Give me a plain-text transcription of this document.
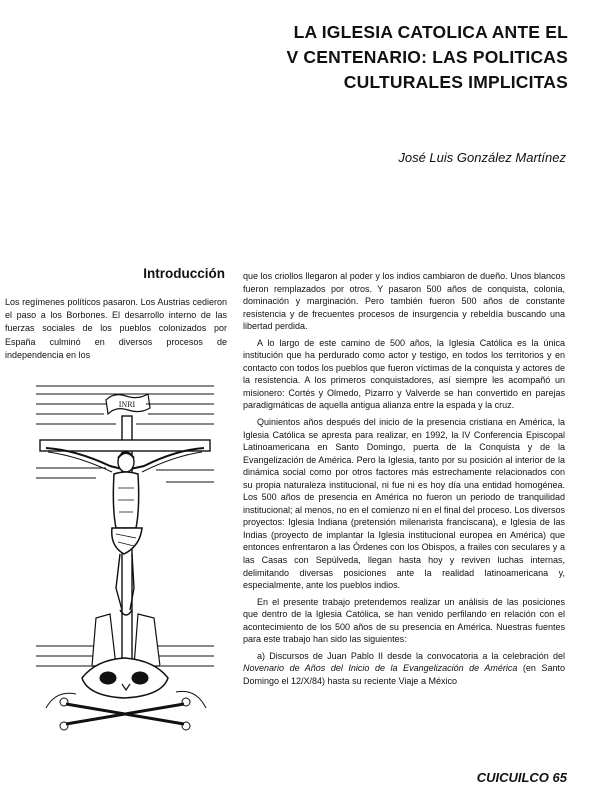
LA IGLESIA CATOLICA ANTE EL
V CENTENARIO: LAS POLITICAS
CULTURALES IMPLICITAS
José Luis González Martínez
Introducción
Los regímenes políticos pasaron. Los Austrias cedieron el paso a los Borbones. El desarrollo interno de las fuerzas sociales de los pueblos colonizados por España culminó en diversos procesos de independencia en los
INRI

que los criollos llegaron al poder y los indios cambiaron de dueño. Unos blancos fueron remplazados por otros. Y pasaron 500 años de conquista, colonia, dominación y marginación. Pero también fueron 500 años de constante resistencia y de frecuentes procesos de insurgencia y rebeldía buscando una libertad perdida.

A lo largo de este camino de 500 años, la Iglesia Católica es la única institución que ha perdurado como actor y testigo, en todos los territorios y en contacto con todos los pueblos que fueron víctimas de la conquista y actores de la resistencia. A los primeros conquistadores, así siempre les acompañó un misionero: Cortés y Olmedo, Pizarro y Valverde se han convertido en parejas paradigmáticas de aquella antigua alianza entre la espada y la cruz.

Quinientos años después del inicio de la presencia cristiana en América, la Iglesia Católica se apresta para realizar, en 1992, la IV Conferencia Episcopal Latinoamericana en Santo Domingo, puerta de la Conquista y de la Evangelización de América. Pero la Iglesia, tanto por su posición al interior de la dinámica social como por otros factores más estrechamente relacionados con su propia naturaleza institucional, ni fue ni es hoy día una entidad homogénea. Los 500 años de presencia en América no fueron un periodo de tranquilidad institucional; al menos, no en el comienzo ni en el final del proceso. Los diversos proyectos: Iglesia Indiana (pretensión milenarista franciscana), e Iglesia de las Indias (proyecto de implantar la Iglesia institucional europea en América) que entonces enfrentaron a las Órdenes con los Obispos, a frailes con seculares y a las Casas con Sepúlveda, llegan hasta hoy y reviven luchas internas, delimitando diversas posiciones ante la realidad latinoamericana y, especialmente, ante los pueblos indios.

En el presente trabajo pretendemos realizar un análisis de las posiciones que dentro de la Iglesia Católica, se han venido perfilando en relación con el acontecimiento de los 500 años de su presencia en América. Nuestras fuentes para este trabajo han sido las siguientes:

a) Discursos de Juan Pablo II desde la convocatoria a la celebración del Novenario de Años del Inicio de la Evangelización de América (en Santo Domingo el 12/X/84) hasta su reciente Viaje a México

CUICUILCO 65
